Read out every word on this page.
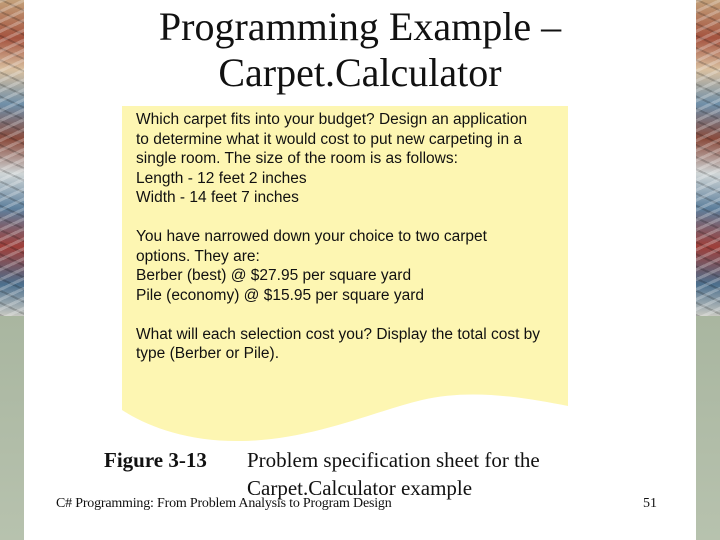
Programming Example –
Carpet.Calculator
Which carpet fits into your budget? Design an application
to determine what it would cost to put new carpeting in a
single room. The size of the room is as follows:
Length - 12 feet 2 inches
Width - 14 feet 7 inches
You have narrowed down your choice to two carpet
options. They are:
Berber (best) @ $27.95 per square yard
Pile (economy) @ $15.95 per square yard
What will each selection cost you? Display the total cost by
type (Berber or Pile).
Figure 3-13 Problem specification sheet for the
Carpet.Calculator example
C# Programming: From Problem Analysis to Program Design	51
